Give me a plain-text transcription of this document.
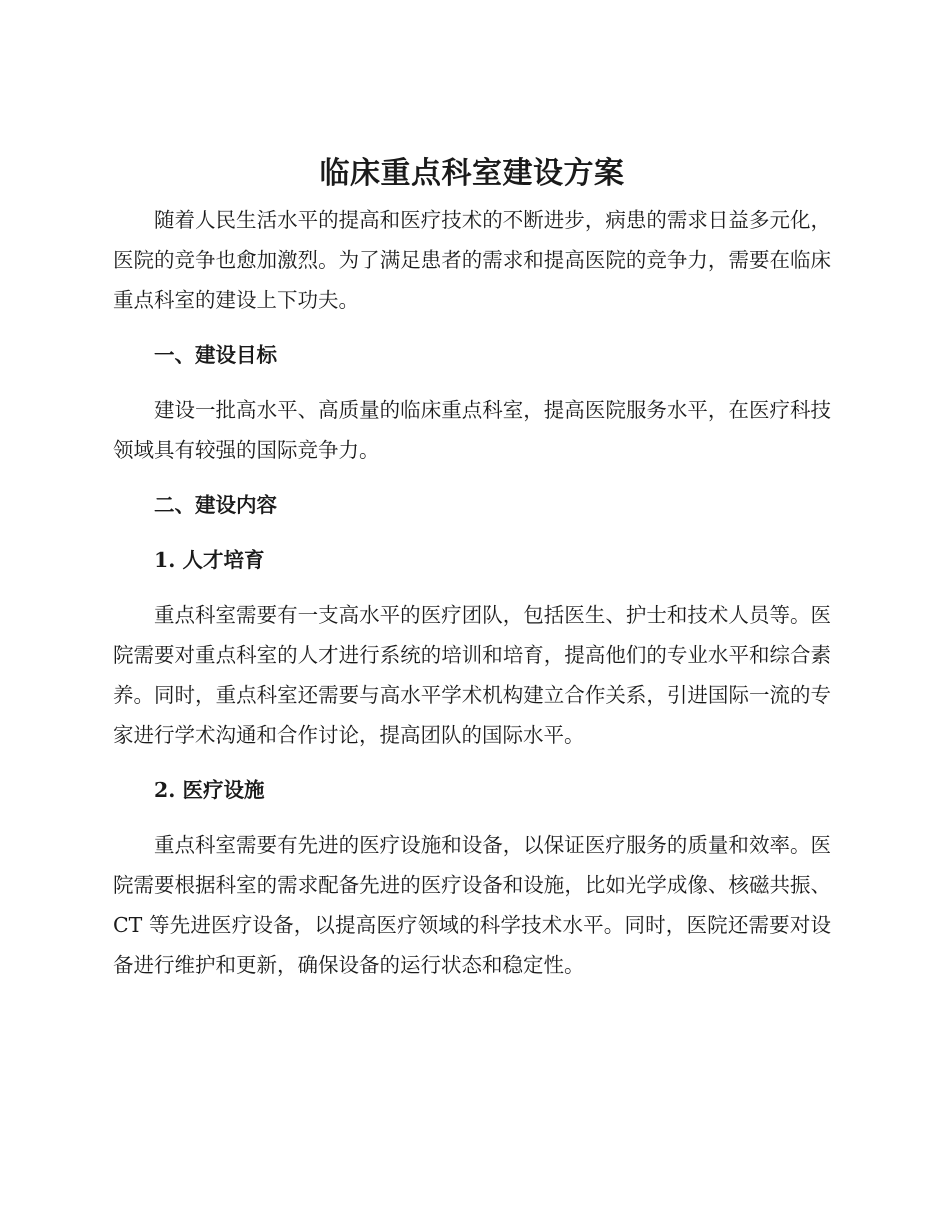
临床重点科室建设方案

随着人民生活水平的提高和医疗技术的不断进步，病患的需求日益多元化，医院的竞争也愈加激烈。为了满足患者的需求和提高医院的竞争力，需要在临床重点科室的建设上下功夫。

一、建设目标

建设一批高水平、高质量的临床重点科室，提高医院服务水平，在医疗科技领域具有较强的国际竞争力。

二、建设内容

1. 人才培育

重点科室需要有一支高水平的医疗团队，包括医生、护士和技术人员等。医院需要对重点科室的人才进行系统的培训和培育，提高他们的专业水平和综合素养。同时，重点科室还需要与高水平学术机构建立合作关系，引进国际一流的专家进行学术沟通和合作讨论，提高团队的国际水平。

2. 医疗设施

重点科室需要有先进的医疗设施和设备，以保证医疗服务的质量和效率。医院需要根据科室的需求配备先进的医疗设备和设施，比如光学成像、核磁共振、CT 等先进医疗设备，以提高医疗领域的科学技术水平。同时，医院还需要对设备进行维护和更新，确保设备的运行状态和稳定性。
